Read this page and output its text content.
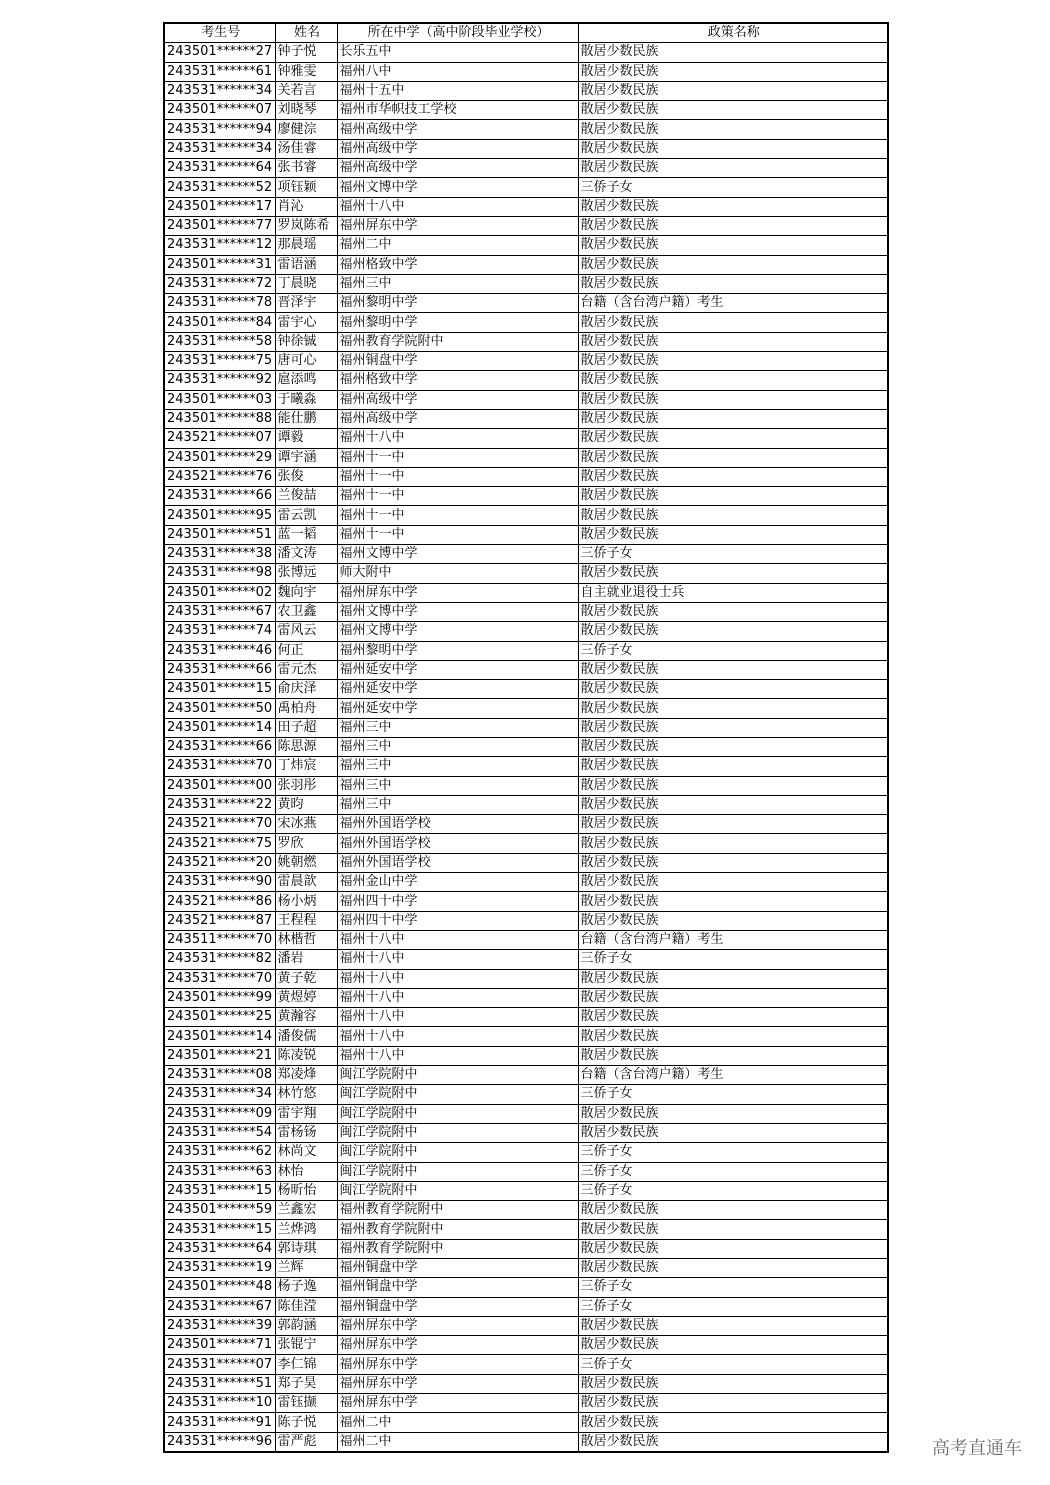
考生号	姓名	所在中学（高中阶段毕业学校）	政策名称
243501******27	钟子悦	长乐五中	散居少数民族
243531******61	钟雅雯	福州八中	散居少数民族
243531******34	关若言	福州十五中	散居少数民族
243501******07	刘晓琴	福州市华帜技工学校	散居少数民族
243531******94	廖健淙	福州高级中学	散居少数民族
243531******34	汤佳睿	福州高级中学	散居少数民族
243531******64	张书睿	福州高级中学	散居少数民族
243531******52	项钰颖	福州文博中学	三侨子女
243501******17	肖沁	福州十八中	散居少数民族
243501******77	罗岚陈希	福州屏东中学	散居少数民族
243531******12	那晨瑶	福州二中	散居少数民族
243501******31	雷语涵	福州格致中学	散居少数民族
243531******72	丁晨晓	福州三中	散居少数民族
243531******78	晋泽宇	福州黎明中学	台籍（含台湾户籍）考生
243501******84	雷宇心	福州黎明中学	散居少数民族
243531******58	钟徐铖	福州教育学院附中	散居少数民族
243531******75	唐可心	福州铜盘中学	散居少数民族
243531******92	扈添鸣	福州格致中学	散居少数民族
243501******03	于曦淼	福州高级中学	散居少数民族
243501******88	能仕鹏	福州高级中学	散居少数民族
243521******07	谭毅	福州十八中	散居少数民族
243501******29	谭宇涵	福州十一中	散居少数民族
243521******76	张俊	福州十一中	散居少数民族
243531******66	兰俊喆	福州十一中	散居少数民族
243501******95	雷云凯	福州十一中	散居少数民族
243501******51	蓝一韬	福州十一中	散居少数民族
243531******38	潘文涛	福州文博中学	三侨子女
243531******98	张博远	师大附中	散居少数民族
243501******02	魏向宇	福州屏东中学	自主就业退役士兵
243531******67	农卫鑫	福州文博中学	散居少数民族
243531******74	雷风云	福州文博中学	散居少数民族
243531******46	何正	福州黎明中学	三侨子女
243531******66	雷元杰	福州延安中学	散居少数民族
243501******15	俞庆泽	福州延安中学	散居少数民族
243501******50	禹柏舟	福州延安中学	散居少数民族
243501******14	田子超	福州三中	散居少数民族
243531******66	陈思源	福州三中	散居少数民族
243531******70	丁炜宸	福州三中	散居少数民族
243501******00	张羽彤	福州三中	散居少数民族
243531******22	黄昀	福州三中	散居少数民族
243521******70	宋冰燕	福州外国语学校	散居少数民族
243521******75	罗欣	福州外国语学校	散居少数民族
243521******20	姚朝燃	福州外国语学校	散居少数民族
243531******90	雷晨歆	福州金山中学	散居少数民族
243521******86	杨小炳	福州四十中学	散居少数民族
243521******87	王程程	福州四十中学	散居少数民族
243511******70	林楷哲	福州十八中	台籍（含台湾户籍）考生
243531******82	潘岩	福州十八中	三侨子女
243531******70	黄子乾	福州十八中	散居少数民族
243501******99	黄煜婷	福州十八中	散居少数民族
243501******25	黄瀚容	福州十八中	散居少数民族
243501******14	潘俊儒	福州十八中	散居少数民族
243501******21	陈凌锐	福州十八中	散居少数民族
243531******08	郑凌烽	闽江学院附中	台籍（含台湾户籍）考生
243531******34	林竹悠	闽江学院附中	三侨子女
243531******09	雷宇翔	闽江学院附中	散居少数民族
243531******54	雷杨钖	闽江学院附中	散居少数民族
243531******62	林尚文	闽江学院附中	三侨子女
243531******63	林怡	闽江学院附中	三侨子女
243531******15	杨昕怡	闽江学院附中	三侨子女
243501******59	兰鑫宏	福州教育学院附中	散居少数民族
243531******15	兰烨鸿	福州教育学院附中	散居少数民族
243531******64	郭诗琪	福州教育学院附中	散居少数民族
243531******19	兰辉	福州铜盘中学	散居少数民族
243501******48	杨子逸	福州铜盘中学	三侨子女
243531******67	陈佳滢	福州铜盘中学	三侨子女
243531******39	郭韵涵	福州屏东中学	散居少数民族
243501******71	张锟宁	福州屏东中学	散居少数民族
243531******07	李仁锦	福州屏东中学	三侨子女
243531******51	郑子昊	福州屏东中学	散居少数民族
243531******10	雷钰撷	福州屏东中学	散居少数民族
243531******91	陈子悦	福州二中	散居少数民族
243531******96	雷严彪	福州二中	散居少数民族	高考直通车
